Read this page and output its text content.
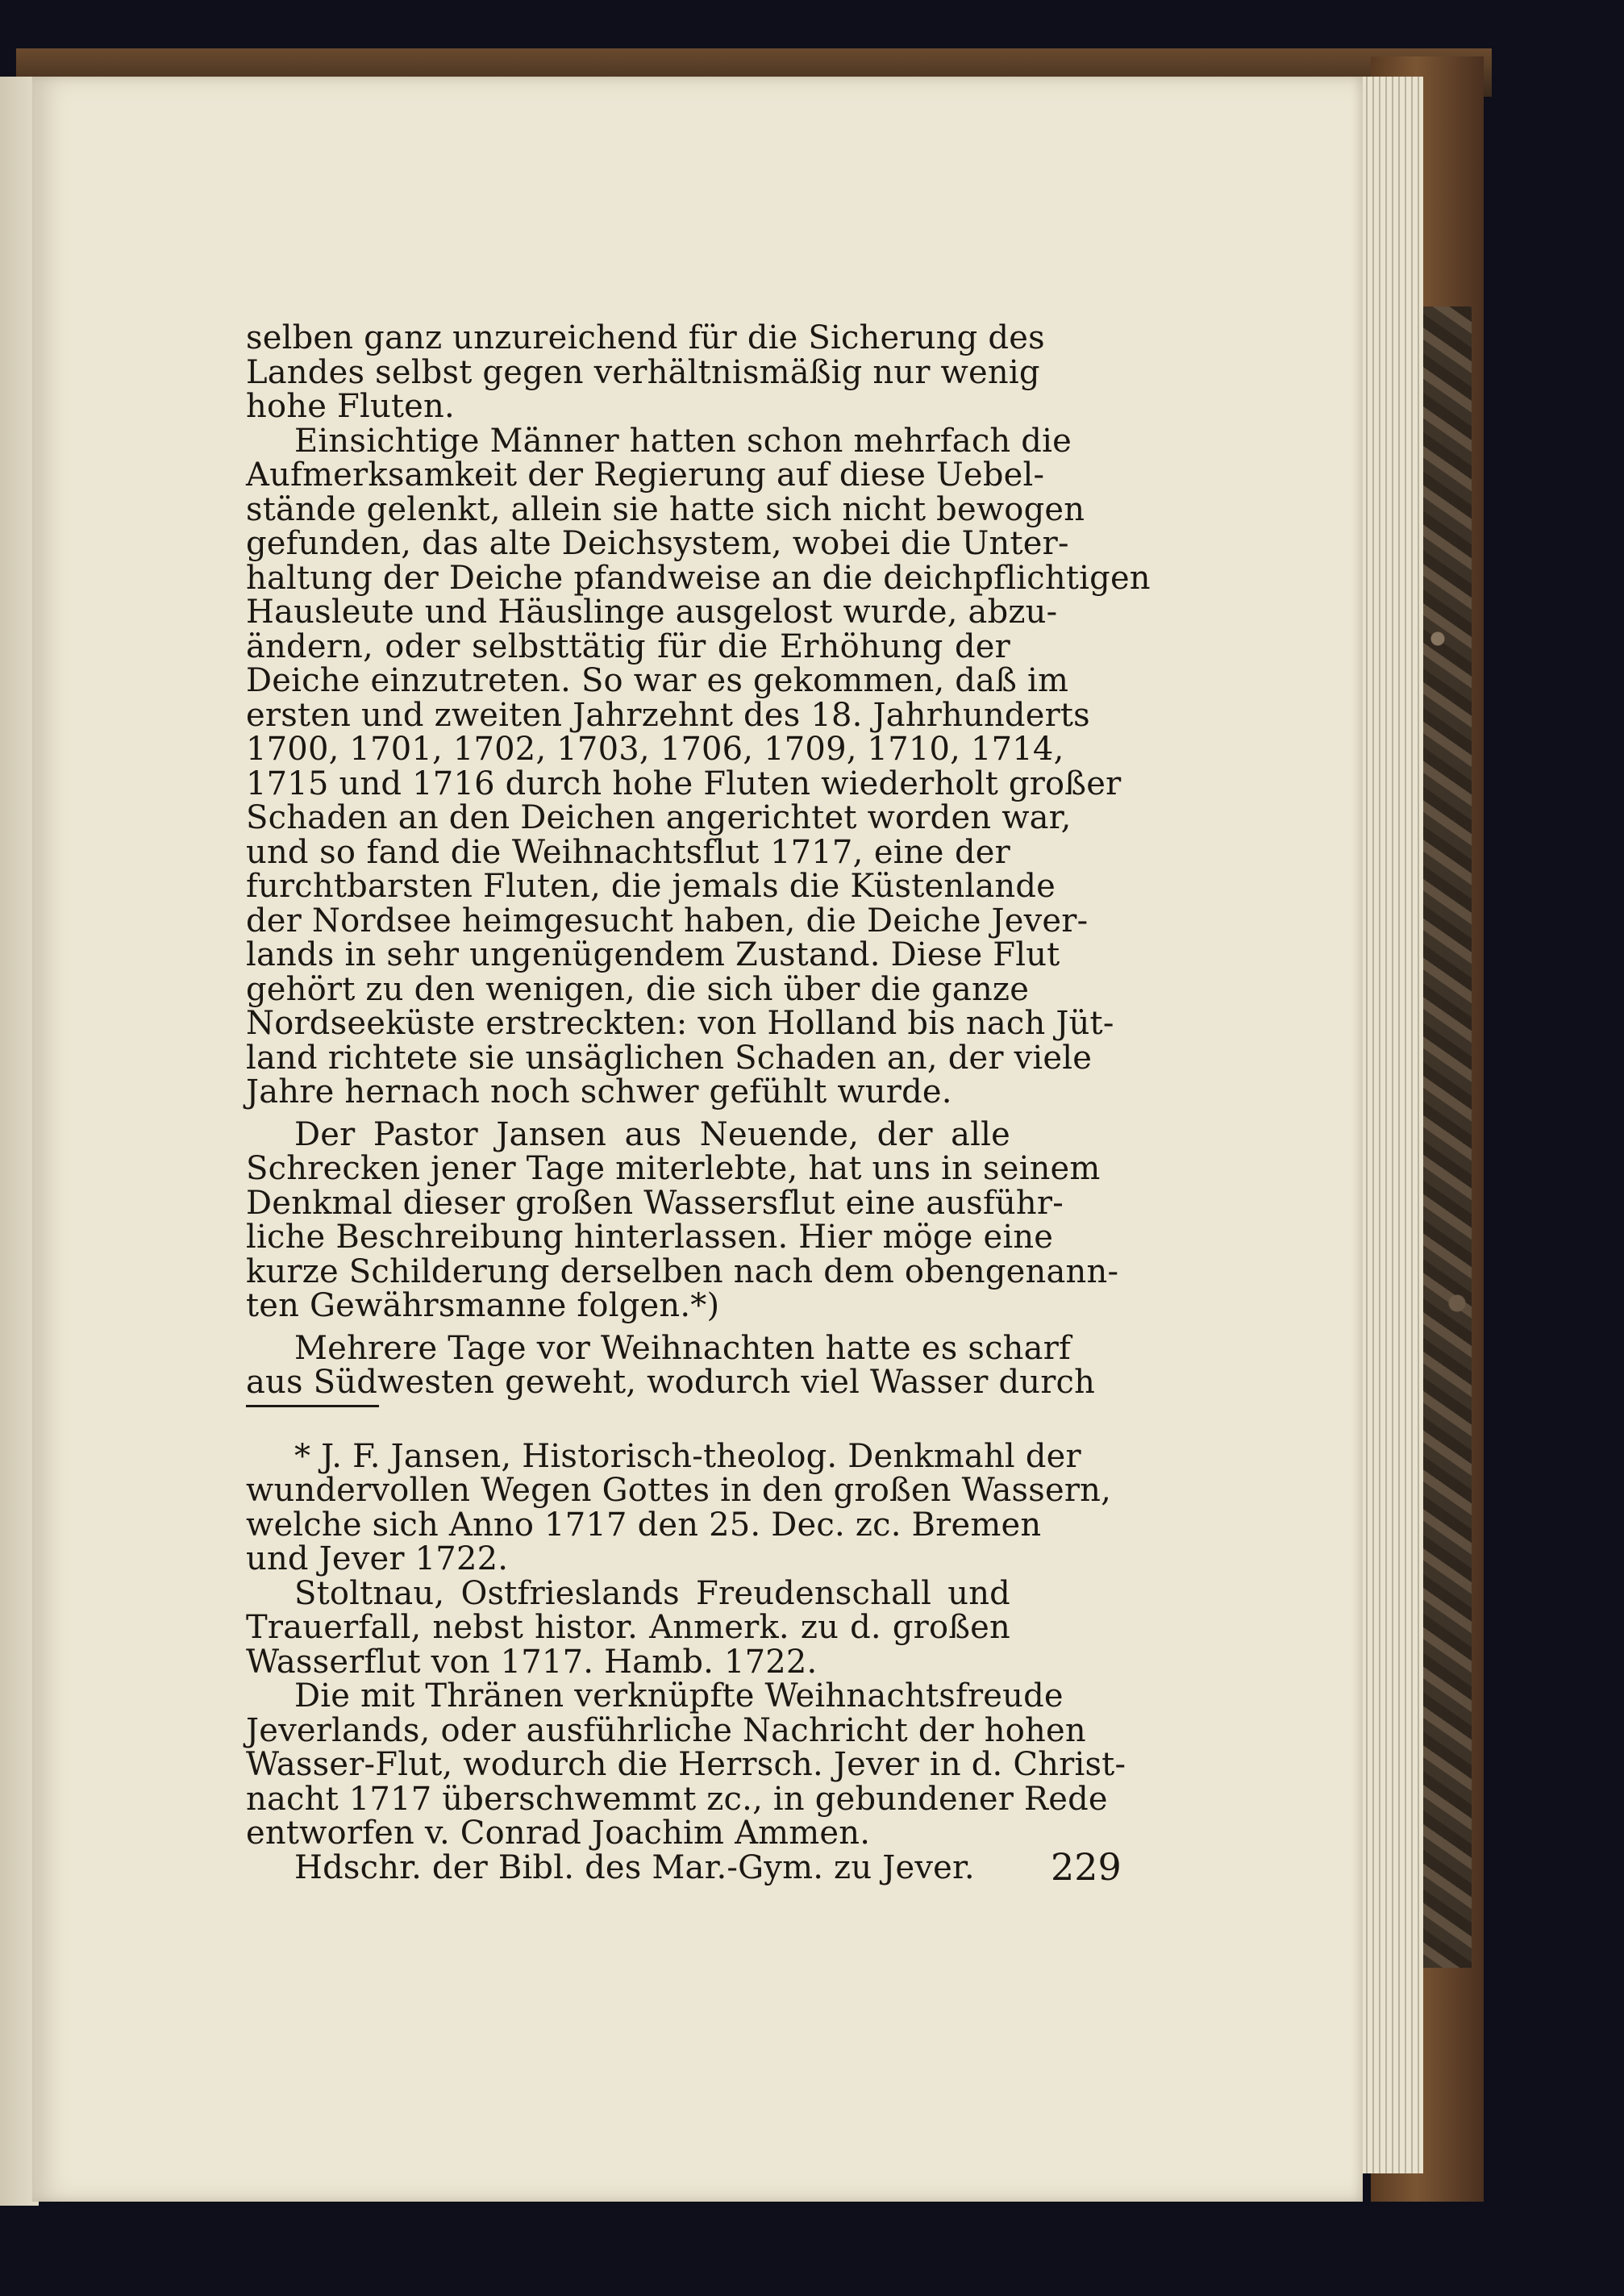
selben ganz unzureichend für die Sicherung des
Landes selbst gegen verhältnismäßig nur wenig
hohe Fluten.
Einsichtige Männer hatten schon mehrfach die
Aufmerksamkeit der Regierung auf diese Uebel-
stände gelenkt, allein sie hatte sich nicht bewogen
gefunden, das alte Deichsystem, wobei die Unter-
haltung der Deiche pfandweise an die deichpflichtigen
Hausleute und Häuslinge ausgelost wurde, abzu-
ändern, oder selbsttätig für die Erhöhung der
Deiche einzutreten. So war es gekommen, daß im
ersten und zweiten Jahrzehnt des 18. Jahrhunderts
1700, 1701, 1702, 1703, 1706, 1709, 1710, 1714,
1715 und 1716 durch hohe Fluten wiederholt großer
Schaden an den Deichen angerichtet worden war,
und so fand die Weihnachtsflut 1717, eine der
furchtbarsten Fluten, die jemals die Küstenlande
der Nordsee heimgesucht haben, die Deiche Jever-
lands in sehr ungenügendem Zustand. Diese Flut
gehört zu den wenigen, die sich über die ganze
Nordseeküste erstreckten: von Holland bis nach Jüt-
land richtete sie unsäglichen Schaden an, der viele
Jahre hernach noch schwer gefühlt wurde.
Der Pastor Jansen aus Neuende, der alle
Schrecken jener Tage miterlebte, hat uns in seinem
Denkmal dieser großen Wassersflut eine ausführ-
liche Beschreibung hinterlassen. Hier möge eine
kurze Schilderung derselben nach dem obengenann-
ten Gewährsmanne folgen.*)
Mehrere Tage vor Weihnachten hatte es scharf
aus Südwesten geweht, wodurch viel Wasser durch
* J. F. Jansen, Historisch-theolog. Denkmahl der
wundervollen Wegen Gottes in den großen Wassern,
welche sich Anno 1717 den 25. Dec. zc. Bremen
und Jever 1722.
Stoltnau, Ostfrieslands Freudenschall und
Trauerfall, nebst histor. Anmerk. zu d. großen
Wasserflut von 1717. Hamb. 1722.
Die mit Thränen verknüpfte Weihnachtsfreude
Jeverlands, oder ausführliche Nachricht der hohen
Wasser-Flut, wodurch die Herrsch. Jever in d. Christ-
nacht 1717 überschwemmt zc., in gebundener Rede
entworfen v. Conrad Joachim Ammen.
Hdschr. der Bibl. des Mar.-Gym. zu Jever.	229
